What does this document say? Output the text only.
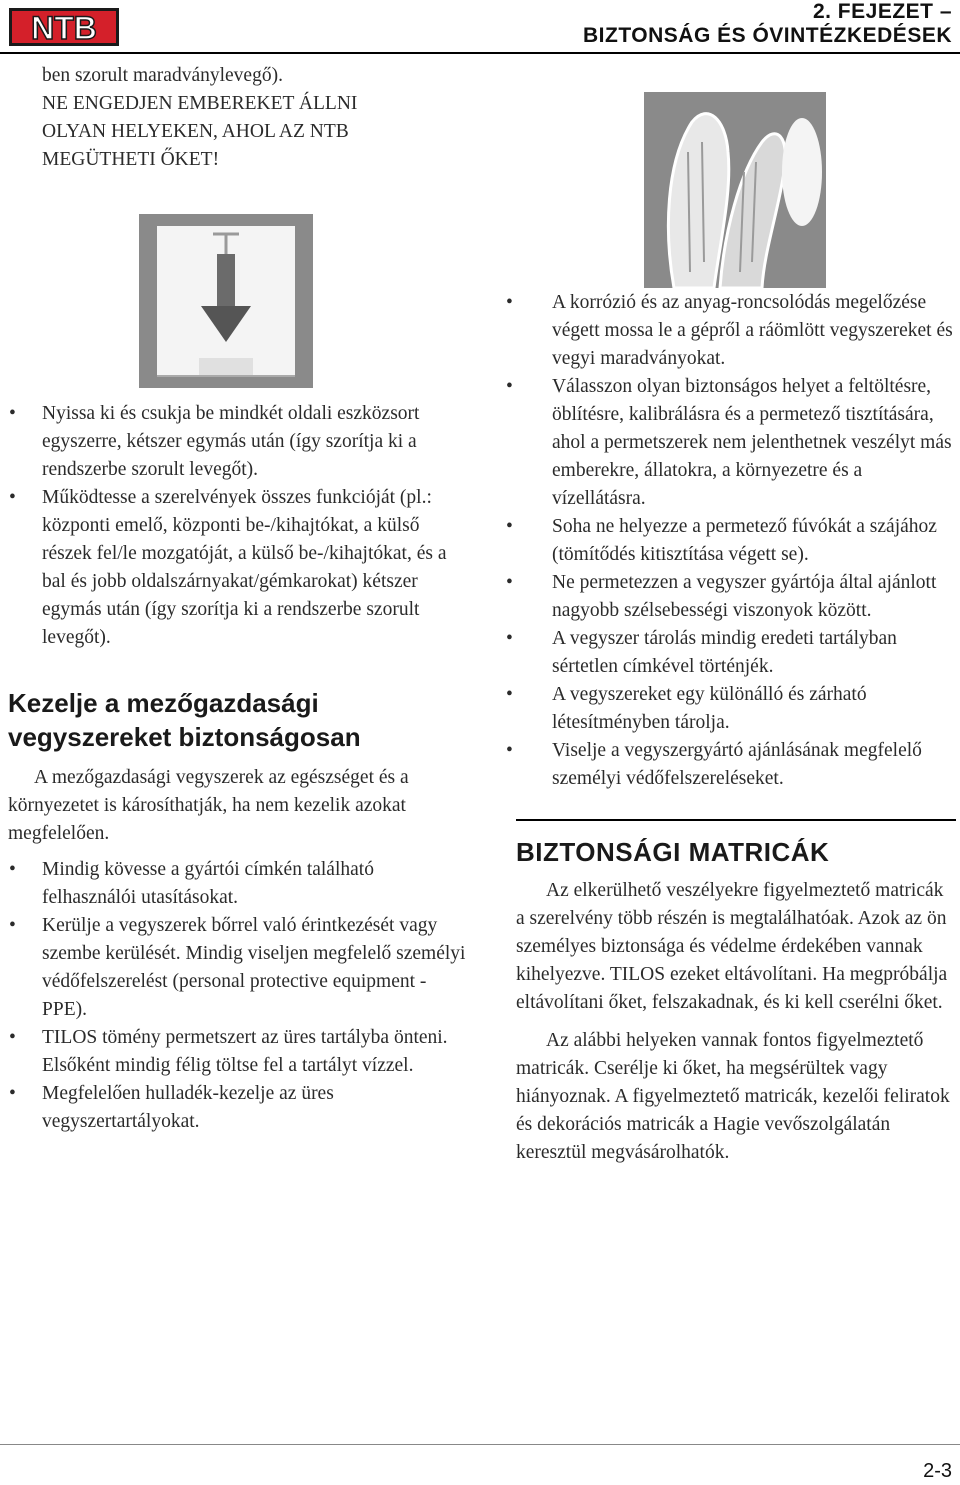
NTB	2. FEJEZET –
BIZTONSÁG ÉS ÓVINTÉZKEDÉSEK

ben szorult maradványlevegő).

NE ENGEDJEN EMBEREKET ÁLLNI

OLYAN HELYEKEN, AHOL AZ NTB

MEGÜTHETI ŐKET!

• Nyissa ki és csukja be mindkét oldali eszközsort egyszerre, kétszer egymás után (így szorítja ki a rendszerbe szorult levegőt).
• Működtesse a szerelvények összes funkcióját (pl.: központi emelő, központi be-/kihajtókat, a külső részek fel/le mozgatóját, a külső be-/kihajtókat, és a bal és jobb oldalszárnyakat/gémkarokat) kétszer egymás után (így szorítja ki a rendszerbe szorult levegőt).
Kezelje a mezőgazdasági
vegyszereket biztonságosan

A mezőgazdasági vegyszerek az egészséget és a környezetet is károsíthatják, ha nem kezelik azokat megfelelően.

• Mindig kövesse a gyártói címkén található felhasználói utasításokat.
• Kerülje a vegyszerek bőrrel való érintkezését vagy szembe kerülését. Mindig viseljen megfelelő személyi védőfelszerelést (personal protective equipment - PPE).
• TILOS tömény permetszert az üres tartályba önteni. Elsőként mindig félig töltse fel a tartályt vízzel.
• Megfelelően hulladék-kezelje az üres vegyszertartályokat.
• A korrózió és az anyag-roncsolódás megelőzése végett mossa le a gépről a ráömlött vegyszereket és vegyi maradványokat.
• Válasszon olyan biztonságos helyet a feltöltésre, öblítésre, kalibrálásra és a permetező tisztítására, ahol a permetszerek nem jelenthetnek veszélyt más emberekre, állatokra, a környezetre és a vízellátásra.
• Soha ne helyezze a permetező fúvókát a szájához (tömítődés kitisztítása végett se).
• Ne permetezzen a vegyszer gyártója által ajánlott nagyobb szélsebességi viszonyok között.
• A vegyszer tárolás mindig eredeti tartályban sértetlen címkével történjék.
• A vegyszereket egy különálló és zárható létesítményben tárolja.
• Viselje a vegyszergyártó ajánlásának megfelelő személyi védőfelszereléseket.
BIZTONSÁGI MATRICÁK

Az elkerülhető veszélyekre figyelmeztető matricák a szerelvény több részén is megtalálhatóak. Azok az ön személyes biztonsága és védelme érdekében vannak kihelyezve. TILOS ezeket eltávolítani. Ha megpróbálja eltávolítani őket, felszakadnak, és ki kell cserélni őket.

Az alábbi helyeken vannak fontos figyelmeztető matricák. Cserélje ki őket, ha megsérültek vagy hiányoznak. A figyelmeztető matricák, kezelői feliratok és dekorációs matricák a Hagie vevőszolgálatán keresztül megvásárolhatók.

2-3
